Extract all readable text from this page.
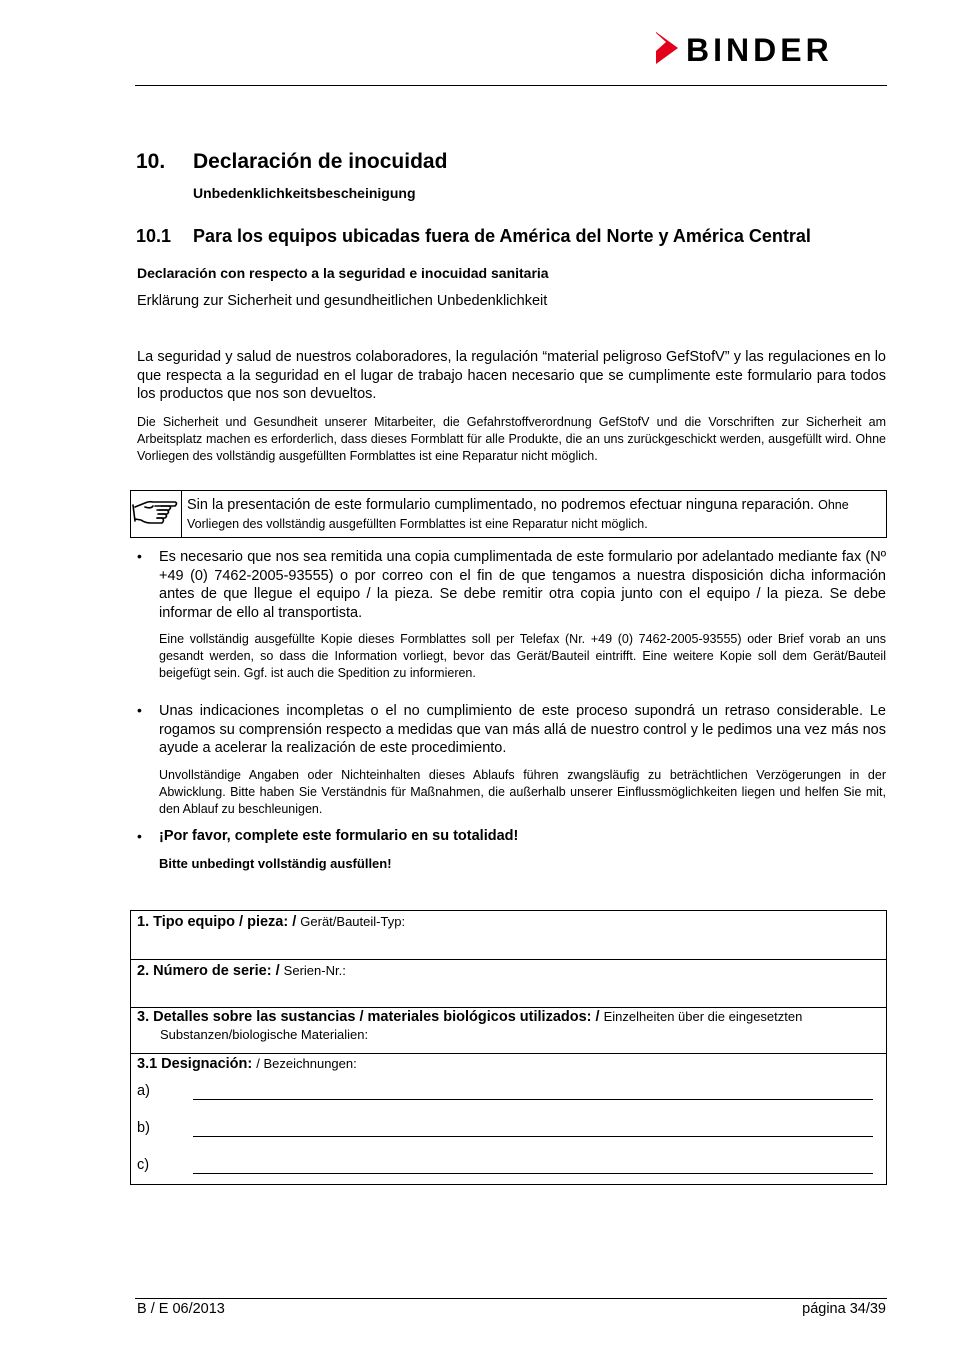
BINDER
10. Declaración de inocuidad
Unbedenklichkeitsbescheinigung
10.1 Para los equipos ubicadas fuera de América del Norte y América Central
Declaración con respecto a la seguridad e inocuidad sanitaria
Erklärung zur Sicherheit und gesundheitlichen Unbedenklichkeit
La seguridad y salud de nuestros colaboradores, la regulación “material peligroso GefStofV” y las regulaciones en lo que respecta a la seguridad en el lugar de trabajo hacen necesario que se cumplimente este formulario para todos los productos que nos son devueltos.
Die Sicherheit und Gesundheit unserer Mitarbeiter, die Gefahrstoffverordnung GefStofV und die Vorschriften zur Sicherheit am Arbeitsplatz machen es erforderlich, dass dieses Formblatt für alle Produkte, die an uns zurückgeschickt werden, ausgefüllt wird. Ohne Vorliegen des vollständig ausgefüllten Formblattes ist eine Reparatur nicht möglich.
Sin la presentación de este formulario cumplimentado, no podremos efectuar ninguna reparación. Ohne Vorliegen des vollständig ausgefüllten Formblattes ist eine Reparatur nicht möglich.
• Es necesario que nos sea remitida una copia cumplimentada de este formulario por adelantado mediante fax (Nº +49 (0) 7462-2005-93555) o por correo con el fin de que tengamos a nuestra disposición dicha información antes de que llegue el equipo / la pieza. Se debe remitir otra copia junto con el equipo / la pieza. Se debe informar de ello al transportista.
Eine vollständig ausgefüllte Kopie dieses Formblattes soll per Telefax (Nr. +49 (0) 7462-2005-93555) oder Brief vorab an uns gesandt werden, so dass die Information vorliegt, bevor das Gerät/Bauteil eintrifft. Eine weitere Kopie soll dem Gerät/Bauteil beigefügt sein. Ggf. ist auch die Spedition zu informieren.
• Unas indicaciones incompletas o el no cumplimiento de este proceso supondrá un retraso considerable. Le rogamos su comprensión respecto a medidas que van más allá de nuestro control y le pedimos una vez más nos ayude a acelerar la realización de este procedimiento.
Unvollständige Angaben oder Nichteinhalten dieses Ablaufs führen zwangsläufig zu beträchtlichen Verzögerungen in der Abwicklung. Bitte haben Sie Verständnis für Maßnahmen, die außerhalb unserer Einflussmöglichkeiten liegen und helfen Sie mit, den Ablauf zu beschleunigen.
• ¡Por favor, complete este formulario en su totalidad!
Bitte unbedingt vollständig ausfüllen!
1. Tipo equipo / pieza: / Gerät/Bauteil-Typ:
2. Número de serie: / Serien-Nr.:
3. Detalles sobre las sustancias / materiales biológicos utilizados: / Einzelheiten über die eingesetzten
Substanzen/biologische Materialien:
3.1 Designación: / Bezeichnungen:
a)
b)
c)
B / E 06/2013	página 34/39
